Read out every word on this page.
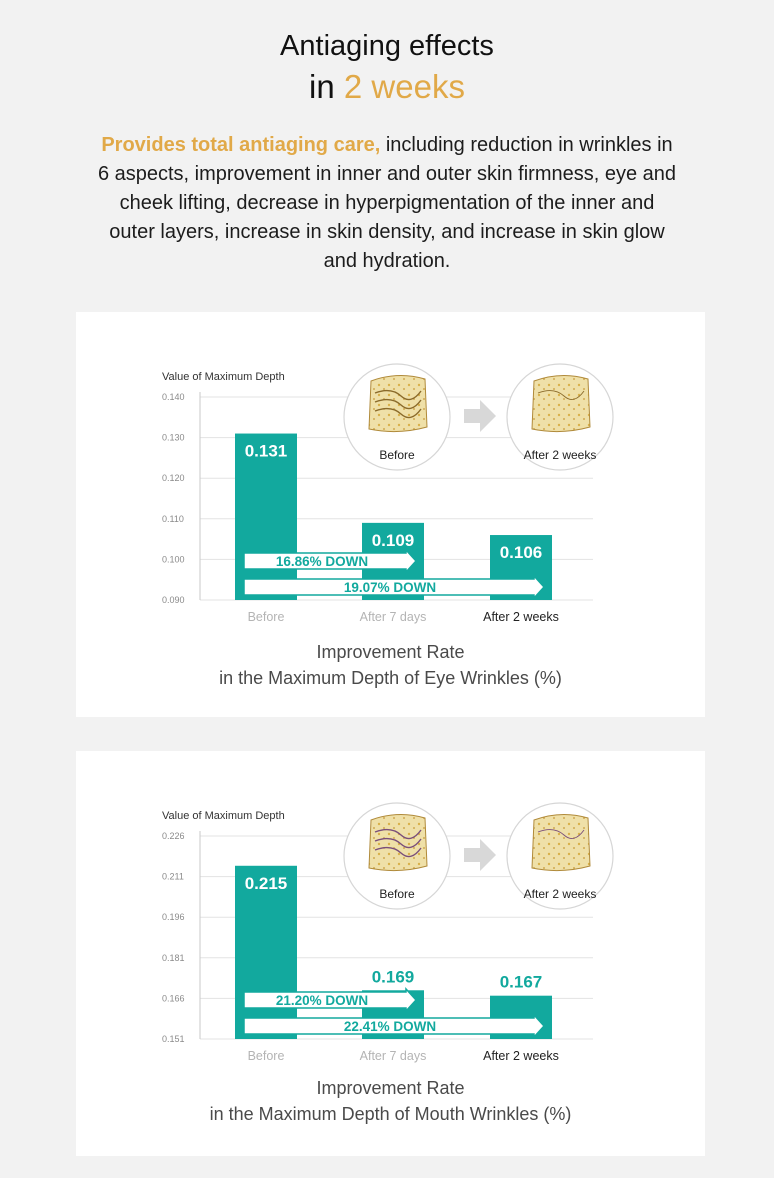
Antiaging effects
in 2 weeks
Provides total antiaging care, including reduction in wrinkles in 6 aspects, improvement in inner and outer skin firmness, eye and cheek lifting, decrease in hyperpigmentation of the inner and outer layers, increase in skin density, and increase in skin glow and hydration.
Value of Maximum Depth
0.140
0.130
0.120
0.110
0.100
0.090
0.131
0.109
0.106
Before	After 7 days	After 2 weeks
16.86% DOWN
19.07% DOWN
Before	After 2 weeks
Improvement Rate
in the Maximum Depth of Eye Wrinkles (%)
Value of Maximum Depth
0.226
0.211
0.196
0.181
0.166
0.151
0.215
0.169	0.167
Before	After 7 days	After 2 weeks
21.20% DOWN
22.41% DOWN
Before	After 2 weeks
Improvement Rate
in the Maximum Depth of Mouth Wrinkles (%)
